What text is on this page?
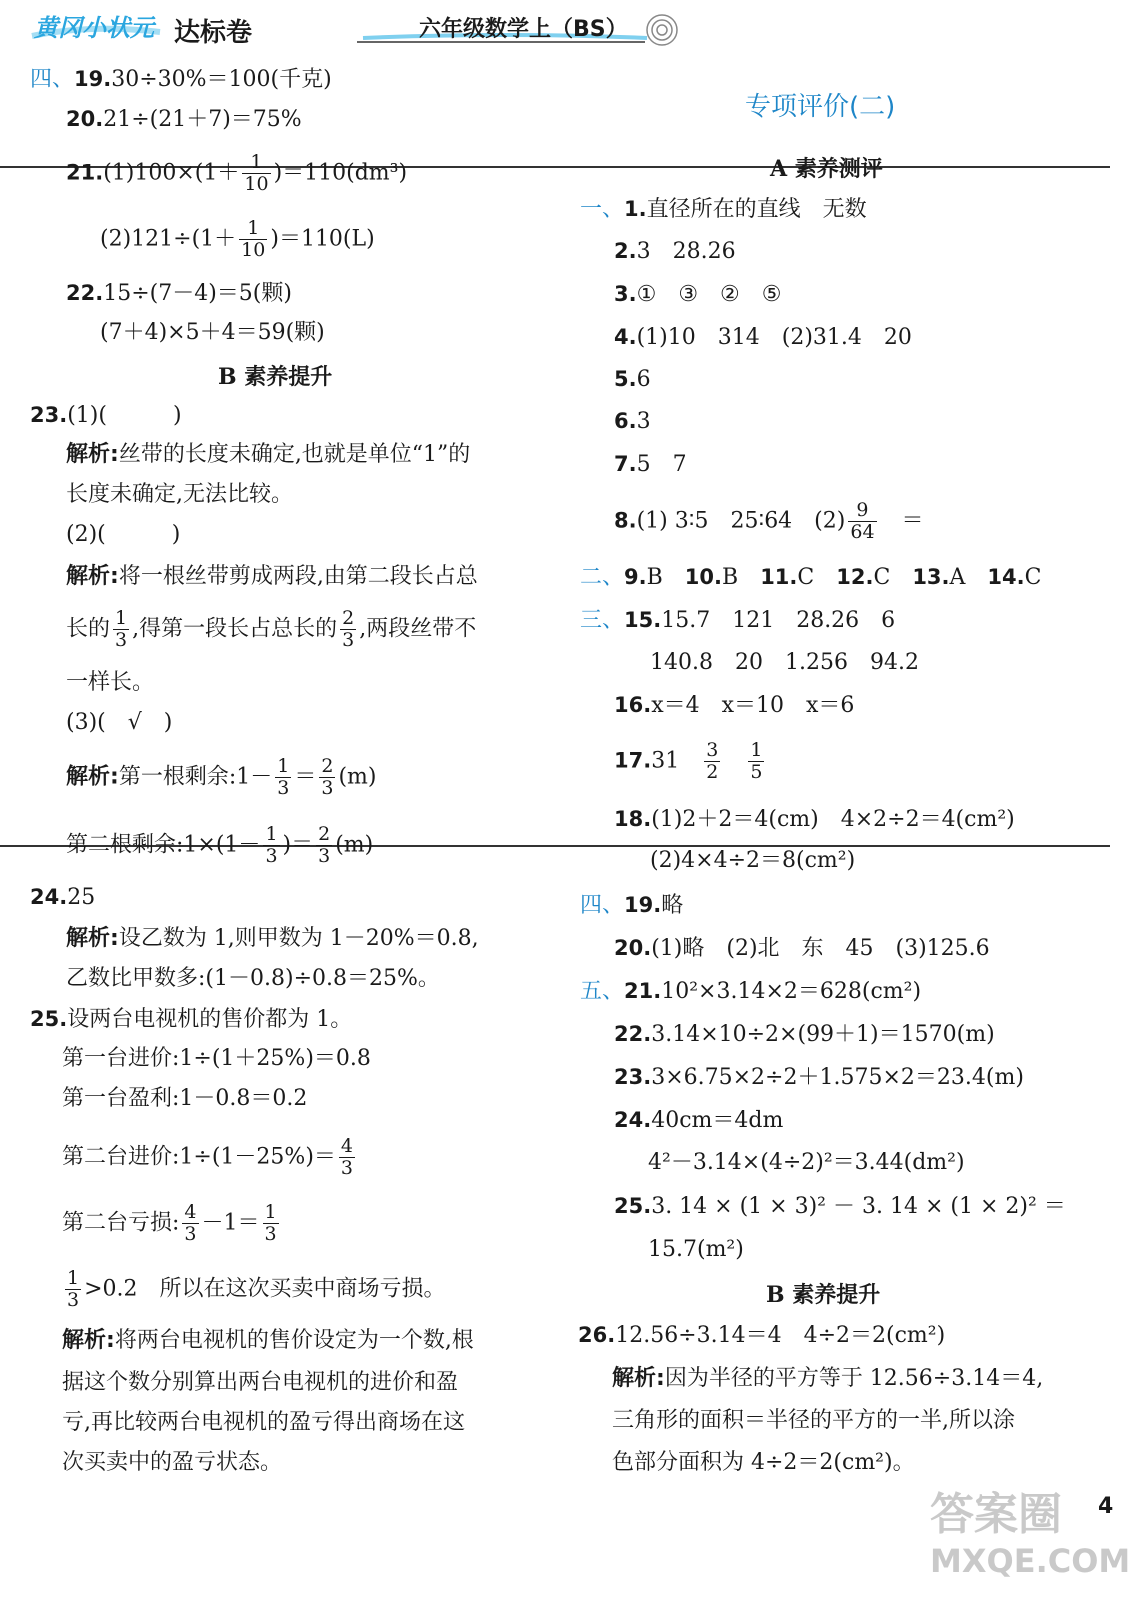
黄冈小状元 达标卷	六年级数学上（BS）
四、19.30÷30%＝100(千克)
20.21÷(21＋7)＝75%
$21.(1)100\times(1+ \frac{1}{10} )=110(dm^3)$
$(2)121\div(1+ \frac{1}{10} )=110(L)$
22.15÷(7－4)＝5(颗)
(7＋4)×5＋4＝59(颗)
B 素养提升
23.(1)(　　　)
解析:丝带的长度未确定,也就是单位“1”的
长度未确定,无法比较。
(2)(　　　)
解析:将一根丝带剪成两段,由第二段长占总
长的 $\frac{1}{3}$ ,得第一段长占总长的 $\frac{2}{3}$ ,两段丝带不
一样长。
(3)(　√　)
解析:第一根剩余:1－ $\frac{1}{3} = \frac{2}{3} (m)$
第二根剩余:1×(1－ $\frac{1}{3}$ )＝ $\frac{2}{3} (m)$
24.25
解析:设乙数为 1,则甲数为 1－20%＝0.8,
乙数比甲数多:(1－0.8)÷0.8＝25%。
25.设两台电视机的售价都为 1。
第一台进价:1÷(1＋25%)＝0.8
第一台盈利:1－0.8＝0.2
第二台进价:1÷(1－25%)＝ $\frac{4}{3}$
第二台亏损: $\frac{4}{3} -1= \frac{1}{3}$
$\frac{1}{3} >0.2$　所以在这次买卖中商场亏损。
解析:将两台电视机的售价设定为一个数,根
据这个数分别算出两台电视机的进价和盈
亏,再比较两台电视机的盈亏得出商场在这
次买卖中的盈亏状态。
专项评价(二)
A 素养测评
一、1.直径所在的直线　无数
2.3　28.26
3.①　③　②　⑤
4.(1)10　314　(2)31.4　20
5.6
6.3
7.5　7
8.(1) 3∶5　25∶64　$(2) \frac{9}{64}$ 　＝
二、9.B　 10.B　 11.C　 12.C　 13.A　 14.C
三、15.15.7　121　28.26　6
140.8　20　1.256　94.2
16.x＝4　x＝10　x＝6
17.31　 $\frac{3}{2}$
　 $\frac{1}{5}$
18.(1)2＋2＝4(cm)　4×2÷2＝4(cm²)
(2)4×4÷2＝8(cm²)
四、19.略
20.(1)略　(2)北　东　45　(3)125.6
五、21.10²×3.14×2＝628(cm²)
22.3.14×10÷2×(99＋1)＝1570(m)
23.3×6.75×2÷2＋1.575×2＝23.4(m)
24.40cm＝4dm
4²－3.14×(4÷2)²＝3.44(dm²)
25.3. 14 × (1 × 3)² － 3. 14 × (1 × 2)² ＝
15.7(m²)
B 素养提升
26.12.56÷3.14＝4　4÷2＝2(cm²)
解析:因为半径的平方等于 12.56÷3.14＝4,
三角形的面积＝半径的平方的一半,所以涂
色部分面积为 4÷2＝2(cm²)。
4
答案圈
MXQE.COM
